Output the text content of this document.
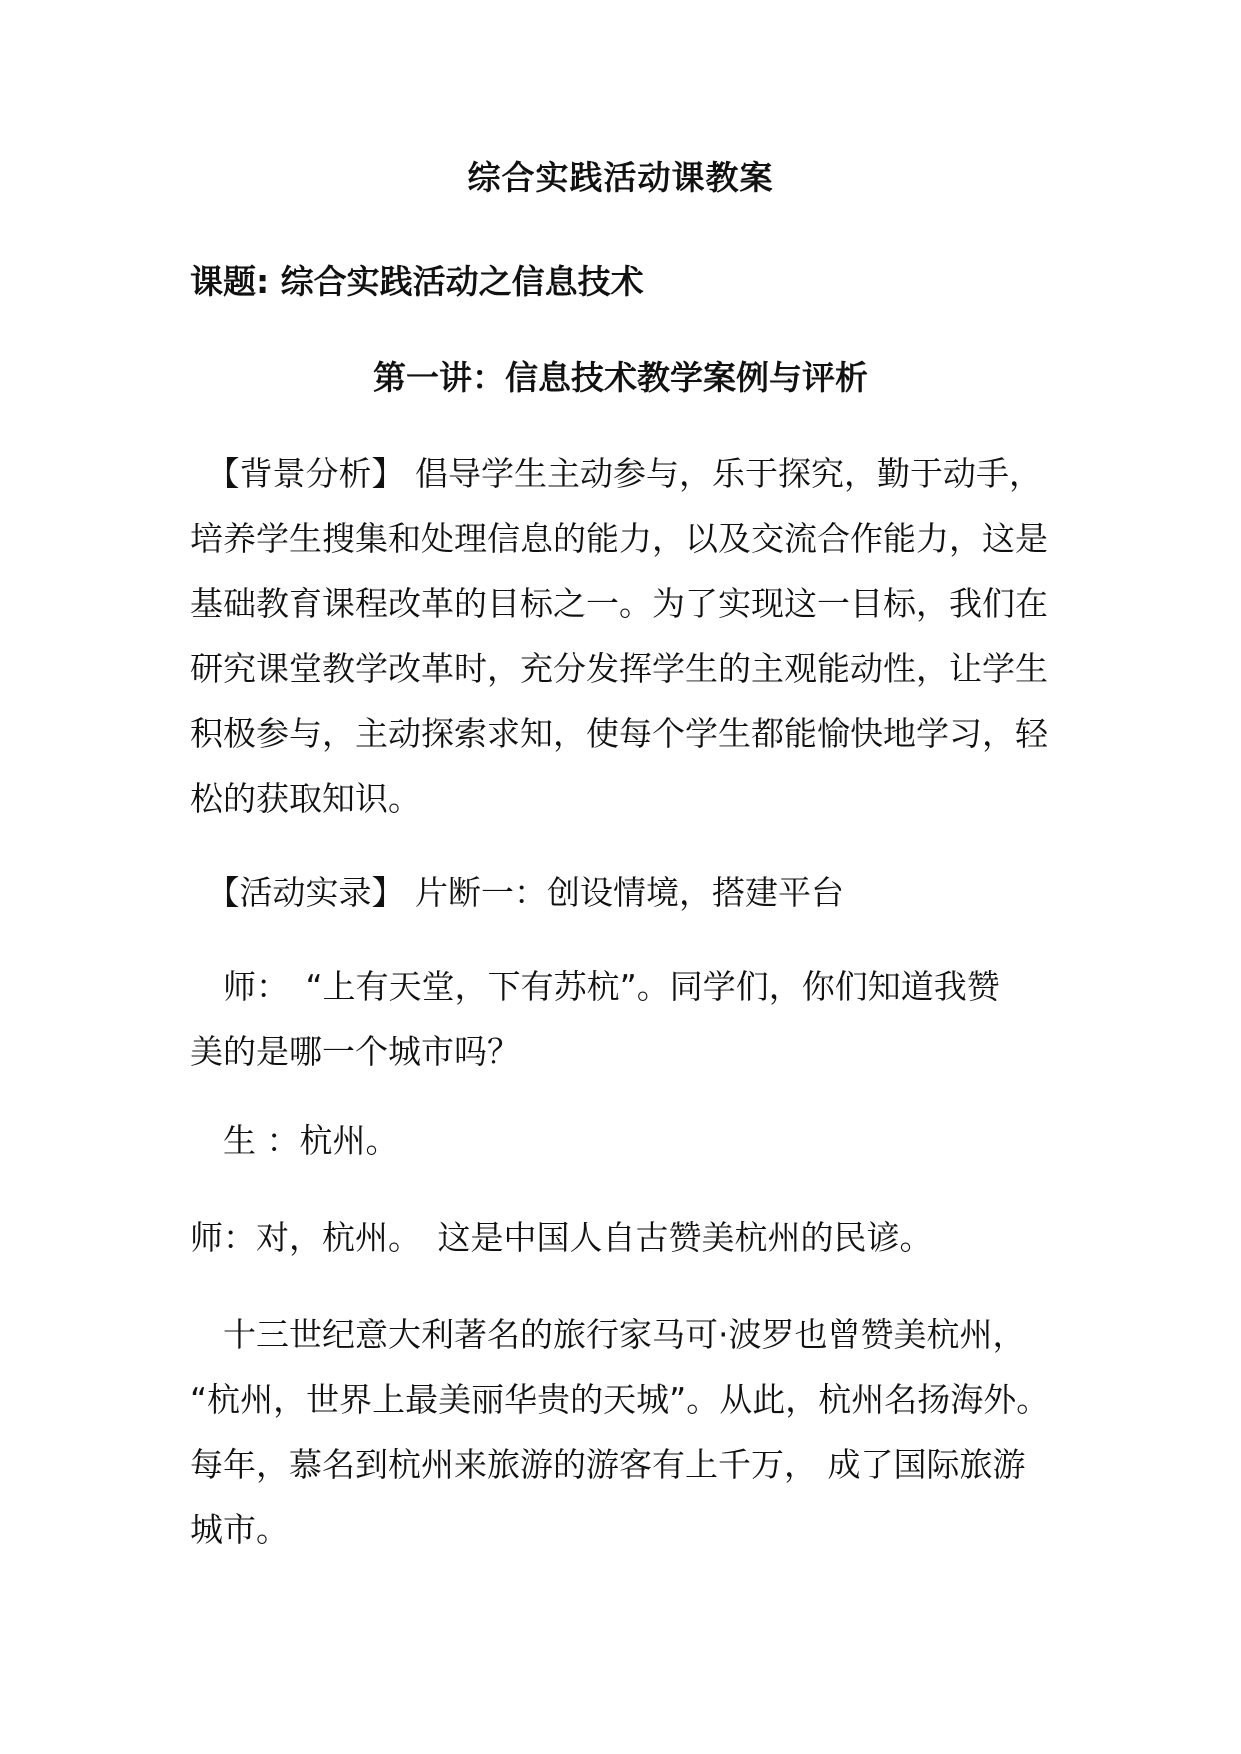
综合实践活动课教案
课题: 综合实践活动之信息技术
第一讲：信息技术教学案例与评析
　【背景分析】 倡导学生主动参与，乐于探究，勤于动手，
培养学生搜集和处理信息的能力，以及交流合作能力，这是
基础教育课程改革的目标之一。为了实现这一目标，我们在
研究课堂教学改革时，充分发挥学生的主观能动性，让学生
积极参与，主动探索求知，使每个学生都能愉快地学习，轻
松的获取知识。
　【活动实录】 片断一：创设情境，搭建平台
　师：　“上有天堂，下有苏杭”。同学们，你们知道我赞
美的是哪一个城市吗？
　生 ：杭州。
师：对，杭州。　这是中国人自古赞美杭州的民谚。
　十三世纪意大利著名的旅行家马可·波罗也曾赞美杭州，
“杭州，世界上最美丽华贵的天城”。从此，杭州名扬海外。
每年，慕名到杭州来旅游的游客有上千万， 成了国际旅游
城市。
